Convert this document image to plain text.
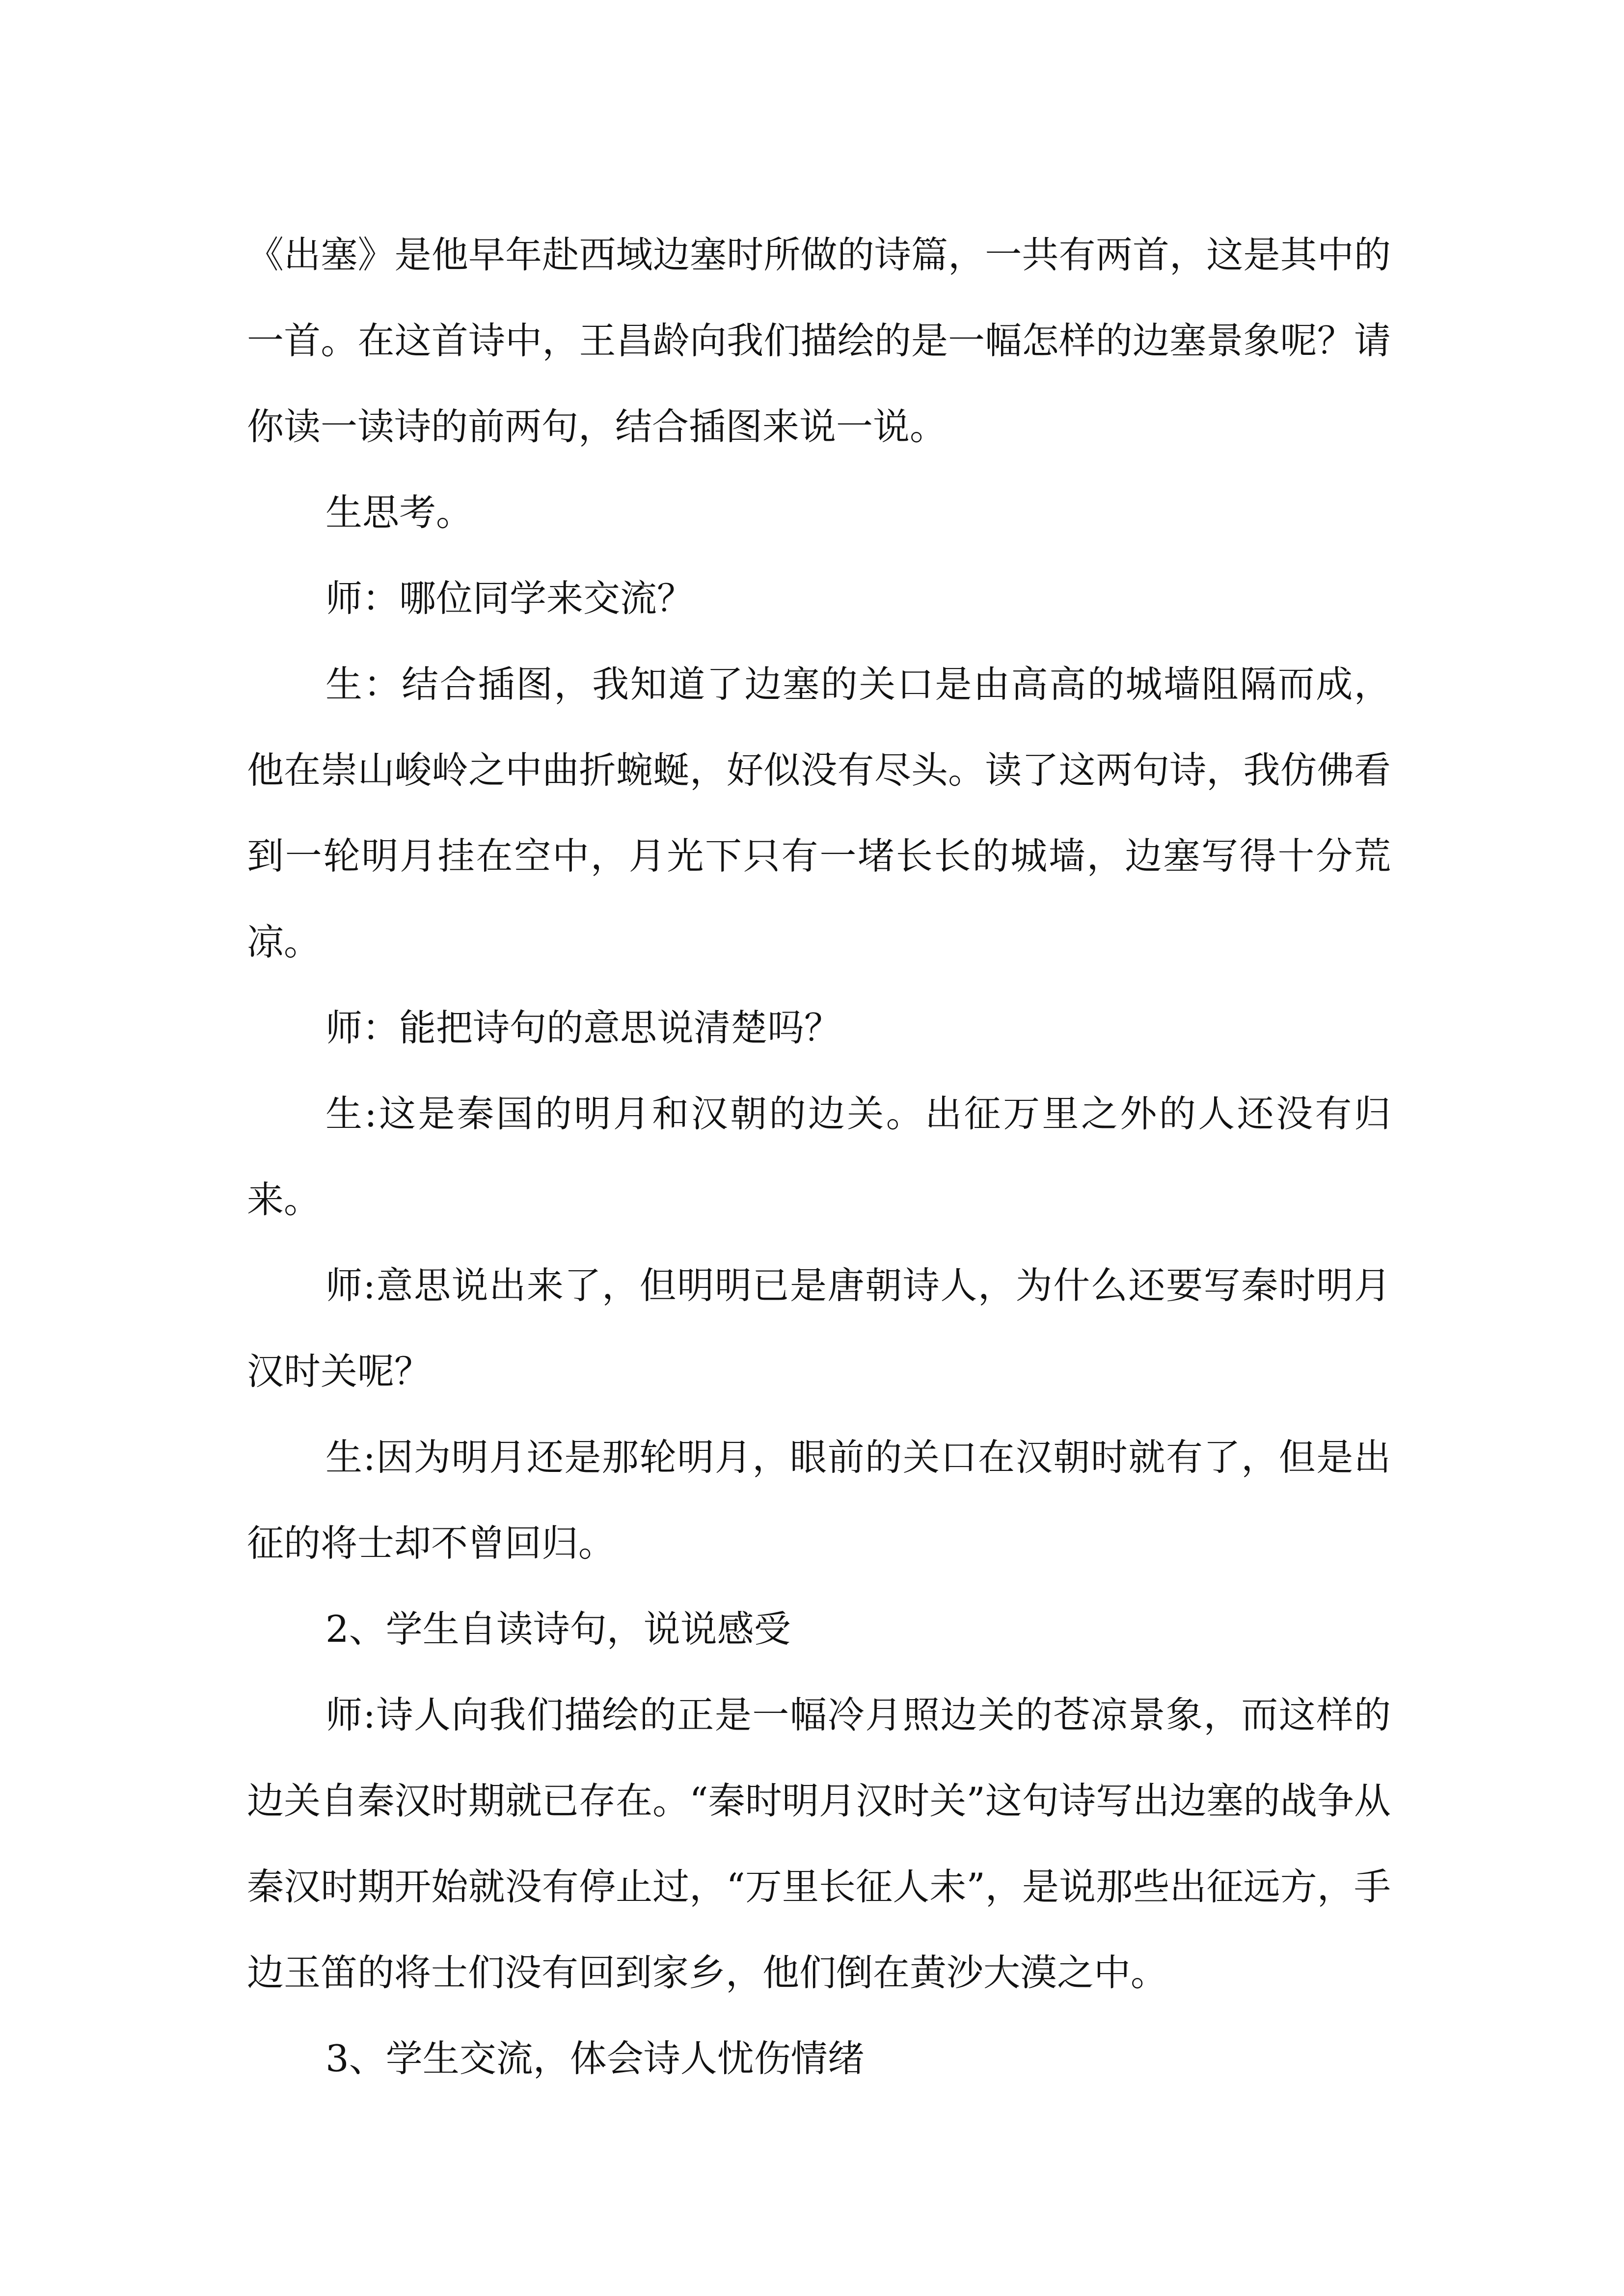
《出塞》是他早年赴西域边塞时所做的诗篇，一共有两首，这是其中的一首。在这首诗中，王昌龄向我们描绘的是一幅怎样的边塞景象呢？请你读一读诗的前两句，结合插图来说一说。

生思考。

师：哪位同学来交流？

生：结合插图，我知道了边塞的关口是由高高的城墙阻隔而成，他在崇山峻岭之中曲折蜿蜒，好似没有尽头。读了这两句诗，我仿佛看到一轮明月挂在空中，月光下只有一堵长长的城墙，边塞写得十分荒凉。

师：能把诗句的意思说清楚吗？

生:这是秦国的明月和汉朝的边关。出征万里之外的人还没有归来。

师:意思说出来了，但明明已是唐朝诗人，为什么还要写秦时明月汉时关呢？

生:因为明月还是那轮明月，眼前的关口在汉朝时就有了，但是出征的将士却不曾回归。

2、学生自读诗句，说说感受

师:诗人向我们描绘的正是一幅冷月照边关的苍凉景象，而这样的边关自秦汉时期就已存在。“秦时明月汉时关”这句诗写出边塞的战争从秦汉时期开始就没有停止过，“万里长征人未”，是说那些出征远方，手边玉笛的将士们没有回到家乡，他们倒在黄沙大漠之中。

3、学生交流，体会诗人忧伤情绪
